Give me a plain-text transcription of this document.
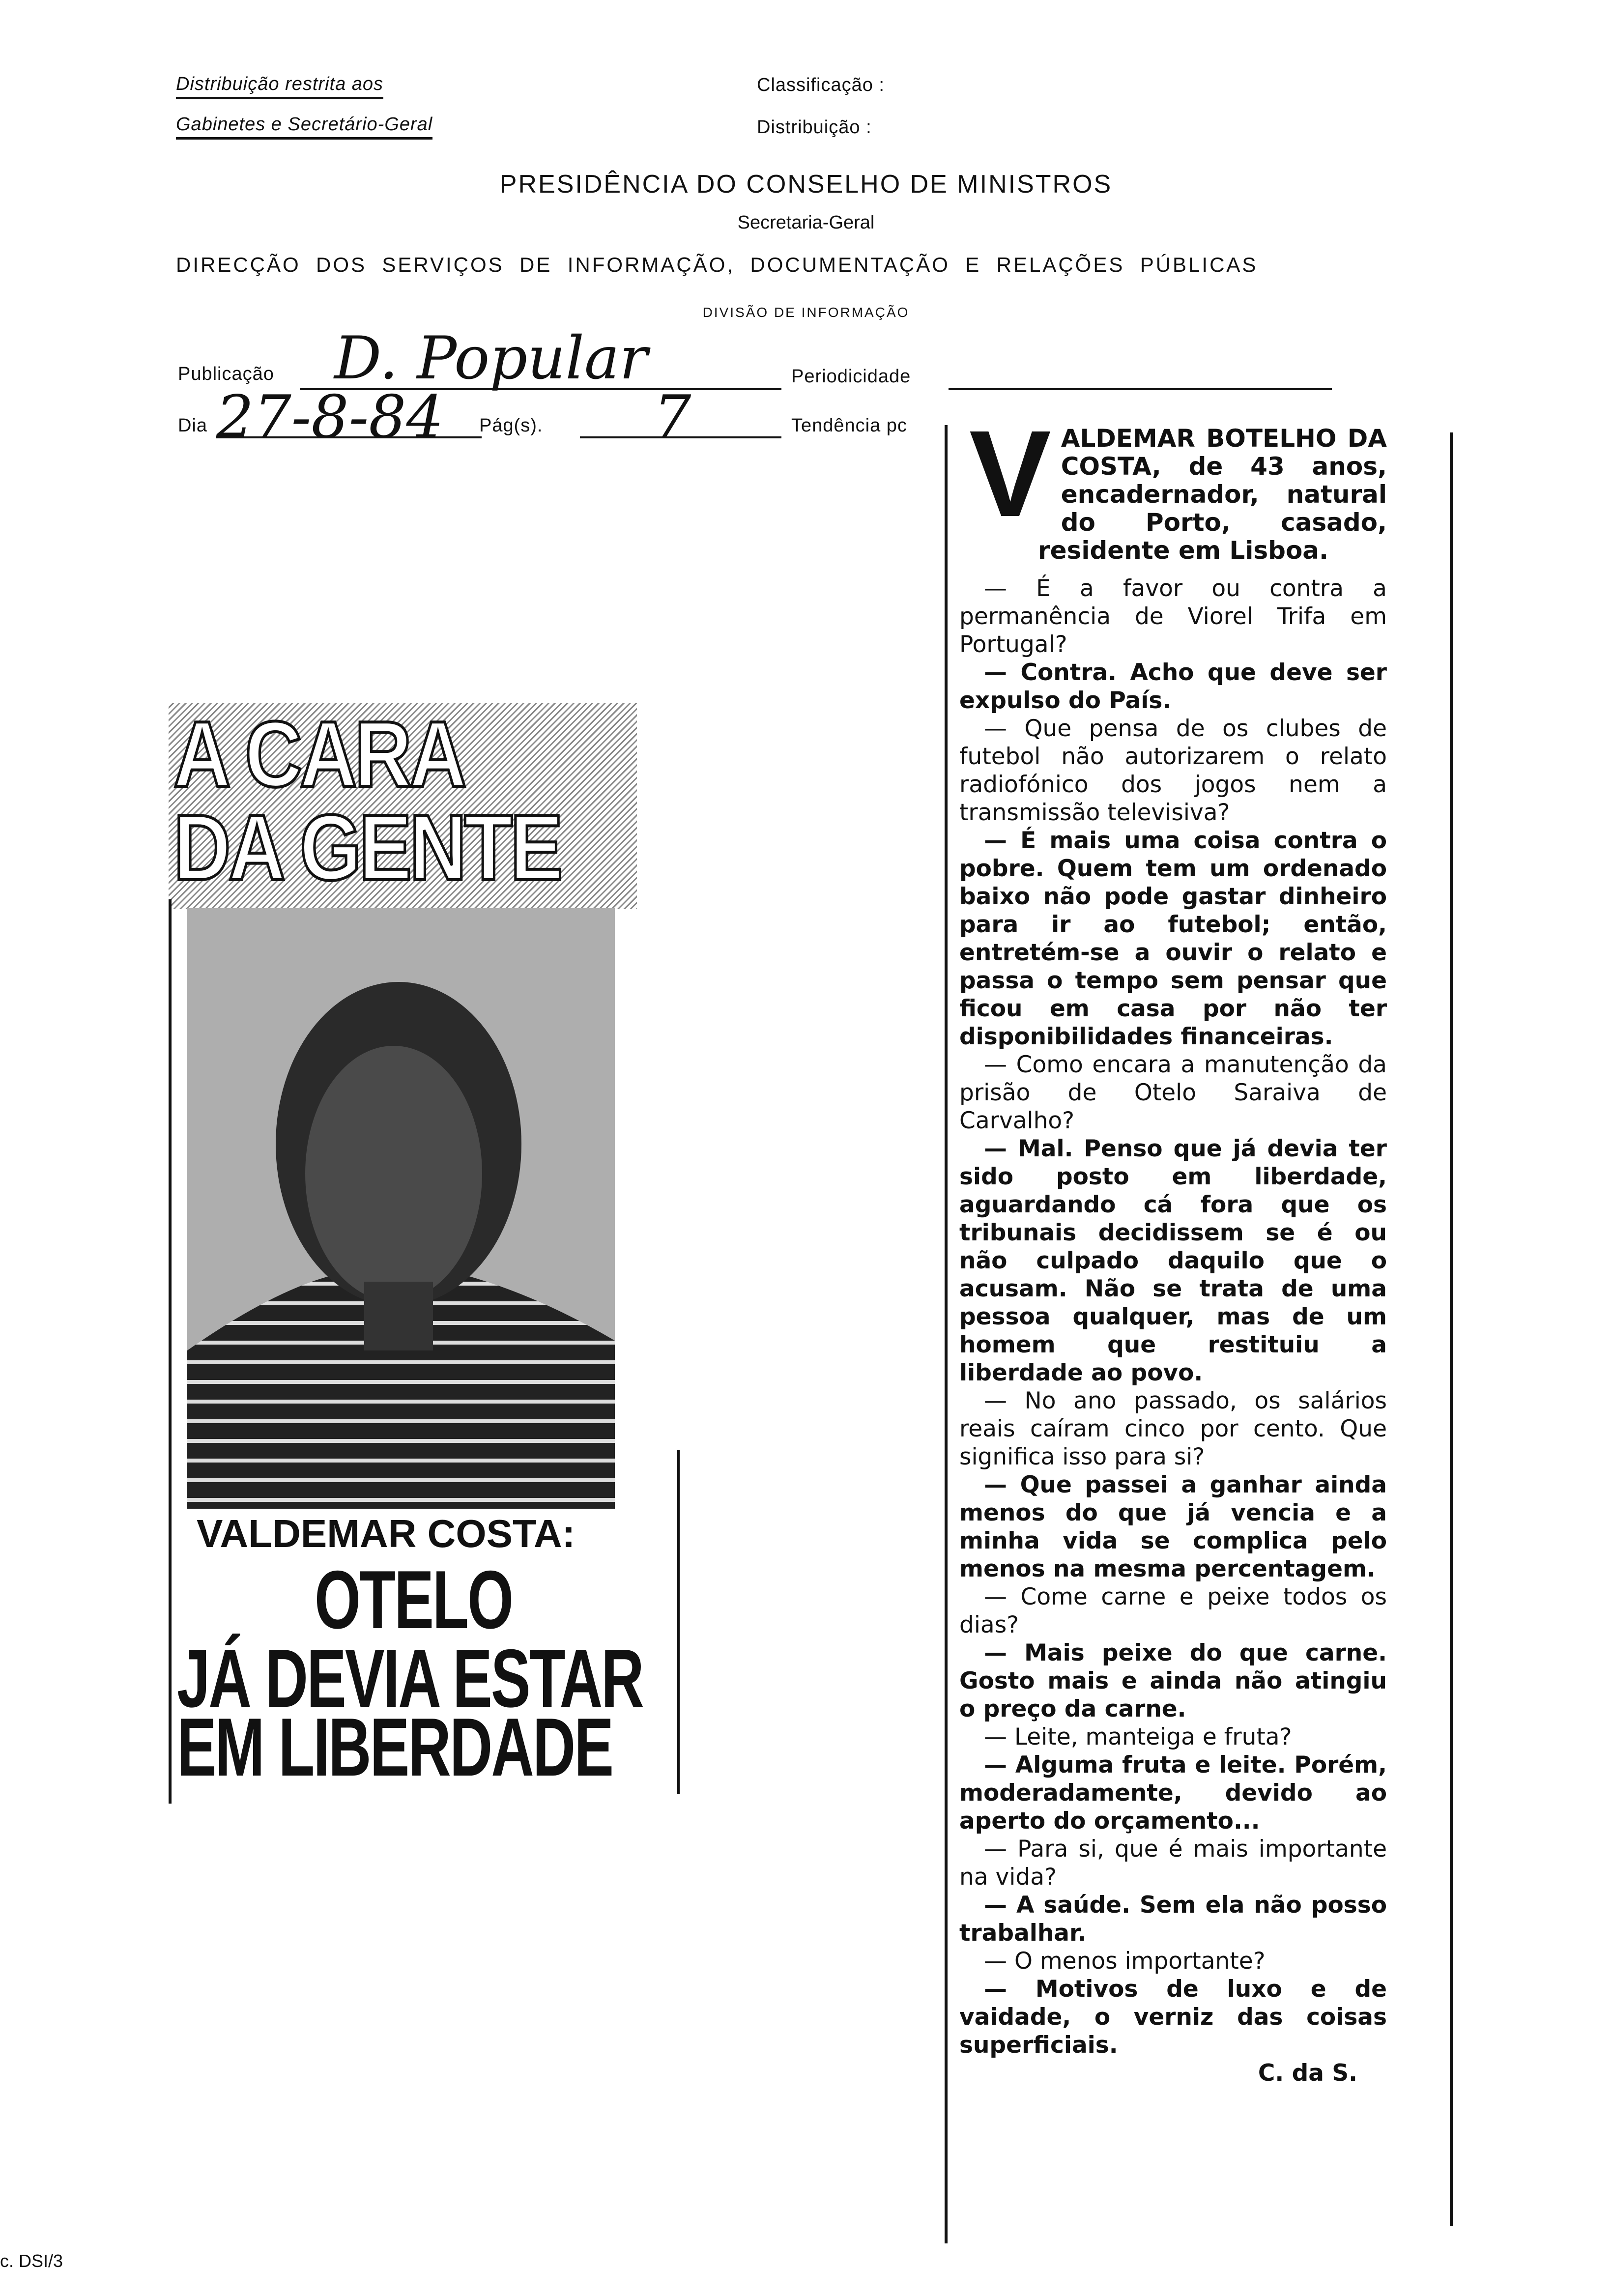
Distribuição restrita aos
Gabinetes e Secretário-Geral
Classificação :
Distribuição :
PRESIDÊNCIA DO CONSELHO DE MINISTROS
Secretaria-Geral
DIRECÇÃO  DOS  SERVIÇOS  DE  INFORMAÇÃO,  DOCUMENTAÇÃO  E  RELAÇÕES  PÚBLICAS
DIVISÃO DE INFORMAÇÃO
Publicação D. Popular	Periodicidade
Dia 27-8-84 Pág(s). 7	Tendência pc
A CARA
DA GENTE
VALDEMAR COSTA:
OTELO
JÁ DEVIA ESTAR
EM LIBERDADE
V ALDEMAR BOTELHO DA COSTA, de 43 anos, encadernador, natural do Porto, casado, residente em Lisboa.

— É a favor ou contra a permanência de Viorel Trifa em Portugal?

— Contra. Acho que deve ser expulso do País.

— Que pensa de os clubes de futebol não autorizarem o relato radiofónico dos jogos nem a transmissão televisiva?

— É mais uma coisa contra o pobre. Quem tem um ordenado baixo não pode gastar dinheiro para ir ao futebol; então, entretém-se a ouvir o relato e passa o tempo sem pensar que ficou em casa por não ter disponibilidades financeiras.

— Como encara a manutenção da prisão de Otelo Saraiva de Carvalho?

— Mal. Penso que já devia ter sido posto em liberdade, aguardando cá fora que os tribunais decidissem se é ou não culpado daquilo que o acusam. Não se trata de uma pessoa qualquer, mas de um homem que restituiu a liberdade ao povo.

— No ano passado, os salários reais caíram cinco por cento. Que significa isso para si?

— Que passei a ganhar ainda menos do que já vencia e a minha vida se complica pelo menos na mesma percentagem.

— Come carne e peixe todos os dias?

— Mais peixe do que carne. Gosto mais e ainda não atingiu o preço da carne.

— Leite, manteiga e fruta?

— Alguma fruta e leite. Porém, moderadamente, devido ao aperto do orçamento...

— Para si, que é mais importante na vida?

— A saúde. Sem ela não posso trabalhar.

— O menos importante?

— Motivos de luxo e de vaidade, o verniz das coisas superficiais.

C. da S.

c. DSI/3
